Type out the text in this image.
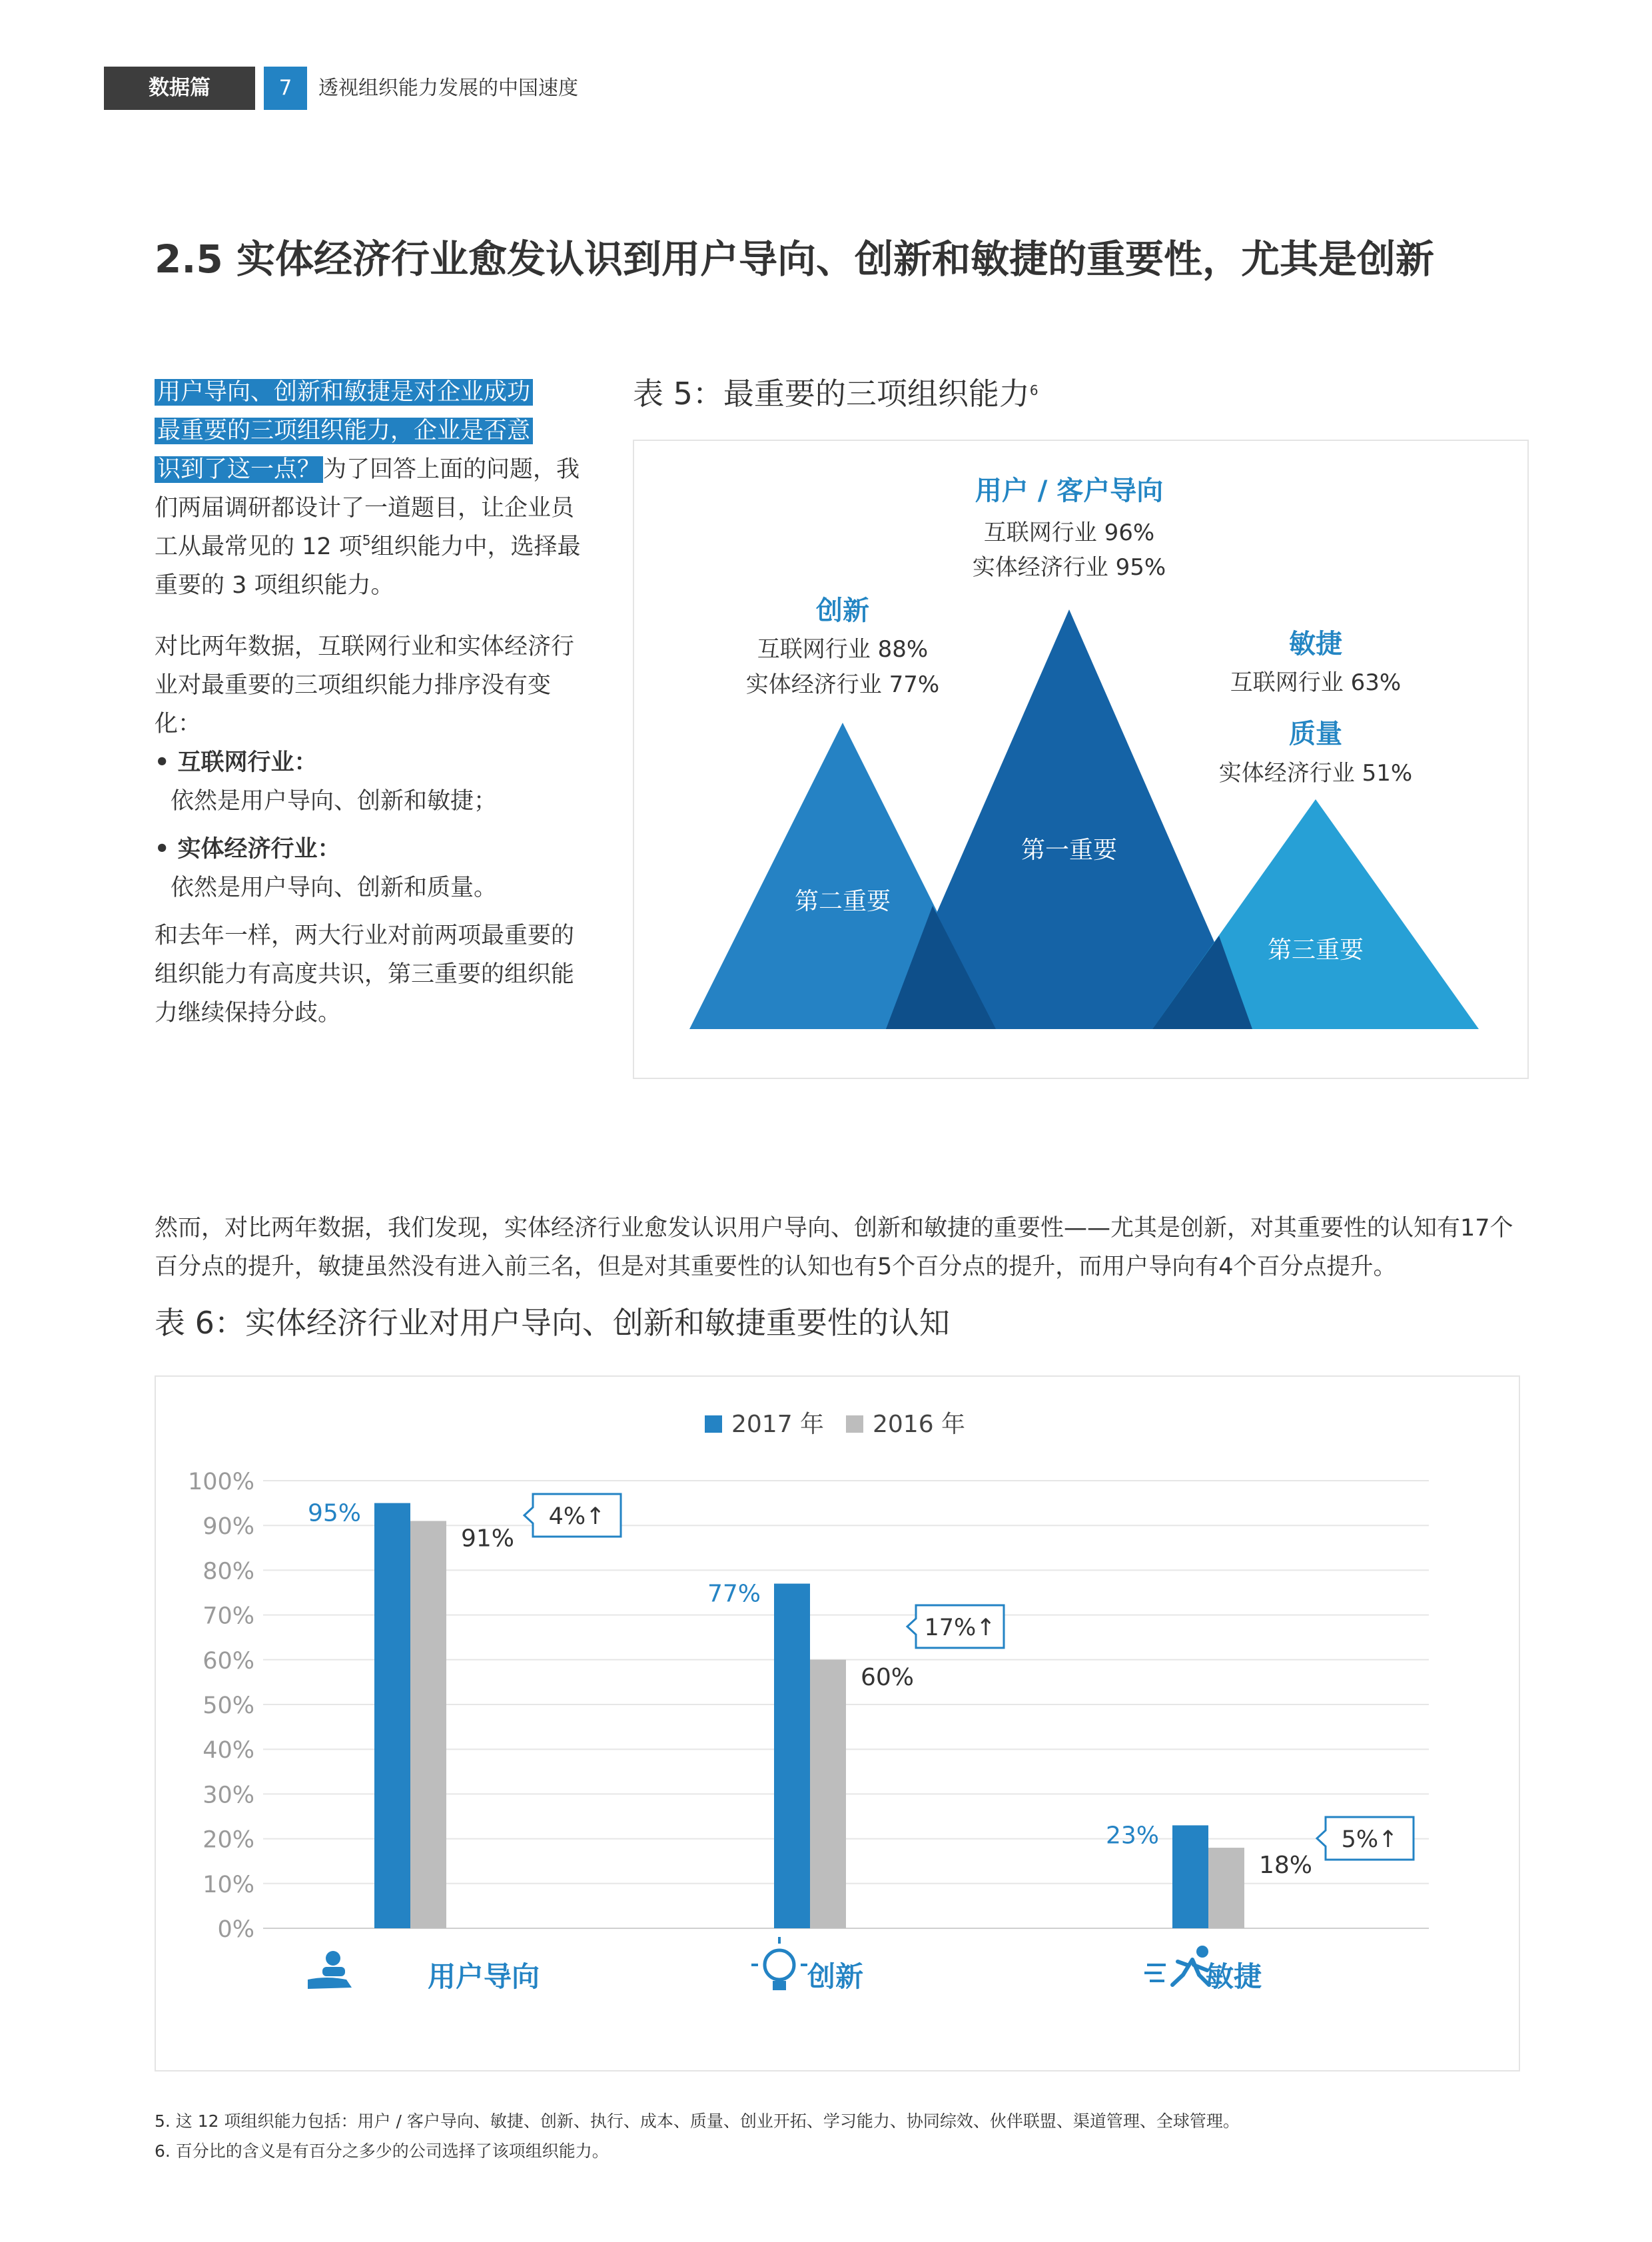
数据篇	7	透视组织能力发展的中国速度
2.5 实体经济行业愈发认识到用户导向、创新和敏捷的重要性，尤其是创新

用户导向、创新和敏捷是对企业成功
最重要的三项组织能力，企业是否意
识到了这一点？ 为了回答上面的问题，我们两届调研都设计了一道题目，让企业员工从最常见的 12 项$^5$组织能力中，选择最重要的 3 项组织能力。

对比两年数据，互联网行业和实体经济行业对最重要的三项组织能力排序没有变化：

• 互联网行业：

依然是用户导向、创新和敏捷；

• 实体经济行业：

依然是用户导向、创新和质量。

和去年一样，两大行业对前两项最重要的组织能力有高度共识，第三重要的组织能力继续保持分歧。

表 5：最重要的三项组织能力$^6$
用户 / 客户导向
互联网行业 96%
实体经济行业 95%
创新
互联网行业 88%
实体经济行业 77%
敏捷
互联网行业 63%
质量
实体经济行业 51%
第一重要
第二重要
第三重要

然而，对比两年数据，我们发现，实体经济行业愈发认识用户导向、创新和敏捷的重要性——尤其是创新，对其重要性的认知有17个百分点的提升，敏捷虽然没有进入前三名，但是对其重要性的认知也有5个百分点的提升，而用户导向有4个百分点提升。

表 6：实体经济行业对用户导向、创新和敏捷重要性的认知
0%
10%
20%
30%
40%
50%
60%
70%
80%
90%
100%
2017 年 2016 年
95%
91%
4%↑
用户导向
77%
60%
17%↑
创新
23%
18%
5%↑
敏捷
5. 这 12 项组织能力包括：用户 / 客户导向、敏捷、创新、执行、成本、质量、创业开拓、学习能力、协同综效、伙伴联盟、渠道管理、全球管理。
6. 百分比的含义是有百分之多少的公司选择了该项组织能力。
